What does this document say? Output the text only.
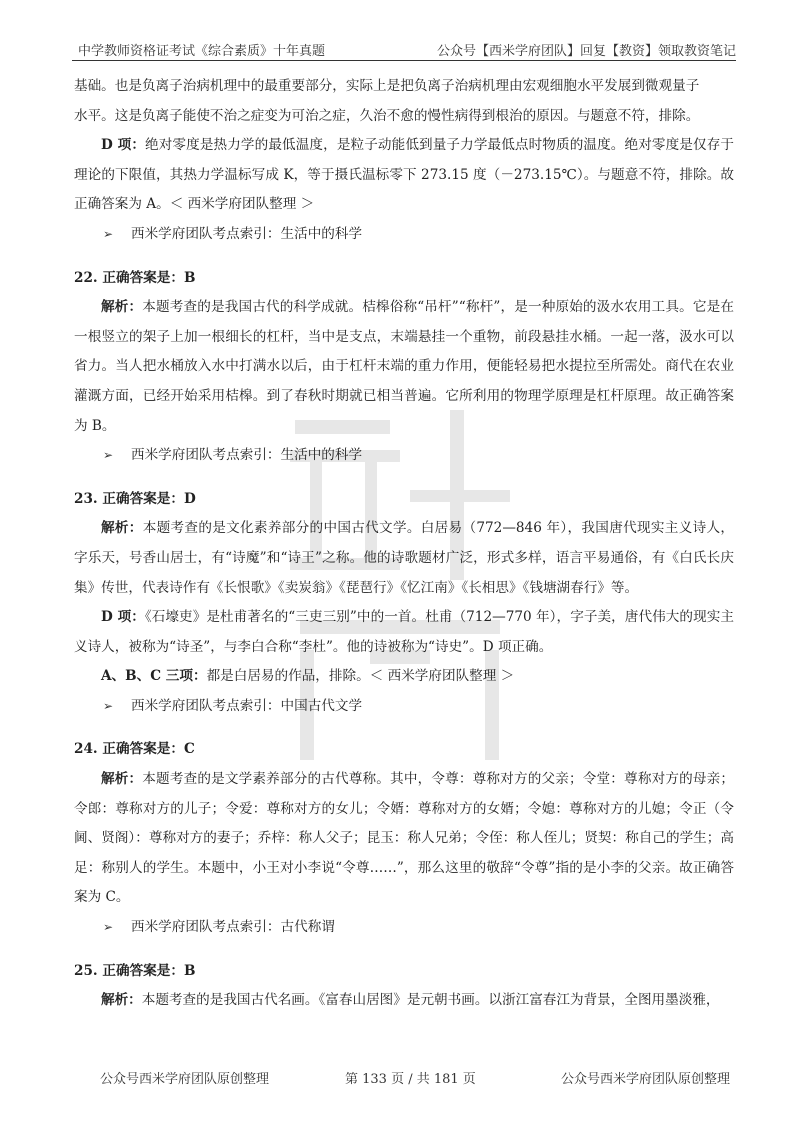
中学教师资格证考试《综合素质》十年真题	公众号【西米学府团队】回复【教资】领取教资笔记

基础。也是负离子治病机理中的最重要部分，实际上是把负离子治病机理由宏观细胞水平发展到微观量子

水平。这是负离子能使不治之症变为可治之症，久治不愈的慢性病得到根治的原因。与题意不符，排除。

D 项：绝对零度是热力学的最低温度，是粒子动能低到量子力学最低点时物质的温度。绝对零度是仅存于理论的下限值，其热力学温标写成 K，等于摄氏温标零下 273.15 度（－273.15℃）。与题意不符，排除。故正确答案为 A。＜ 西米学府团队整理 ＞

➢ 西米学府团队考点索引：生活中的科学

22. 正确答案是：B

解析：本题考查的是我国古代的科学成就。桔槔俗称“吊杆”“称杆”，是一种原始的汲水农用工具。它是在一根竖立的架子上加一根细长的杠杆，当中是支点，末端悬挂一个重物，前段悬挂水桶。一起一落，汲水可以省力。当人把水桶放入水中打满水以后，由于杠杆末端的重力作用，便能轻易把水提拉至所需处。商代在农业灌溉方面，已经开始采用桔槔。到了春秋时期就已相当普遍。它所利用的物理学原理是杠杆原理。故正确答案为 B。

➢ 西米学府团队考点索引：生活中的科学

23. 正确答案是：D

解析：本题考查的是文化素养部分的中国古代文学。白居易（772—846 年），我国唐代现实主义诗人，字乐天，号香山居士，有“诗魔”和“诗王”之称。他的诗歌题材广泛，形式多样，语言平易通俗，有《白氏长庆集》传世，代表诗作有《长恨歌》《卖炭翁》《琵琶行》《忆江南》《长相思》《钱塘湖春行》等。

D 项：《石壕吏》是杜甫著名的“三吏三别”中的一首。杜甫（712—770 年），字子美，唐代伟大的现实主义诗人，被称为“诗圣”，与李白合称“李杜”。他的诗被称为“诗史”。D 项正确。

A、B、C 三项：都是白居易的作品，排除。＜ 西米学府团队整理 ＞

➢ 西米学府团队考点索引：中国古代文学

24. 正确答案是：C

解析：本题考查的是文学素养部分的古代尊称。其中，令尊：尊称对方的父亲；令堂：尊称对方的母亲；令郎：尊称对方的儿子；令爱：尊称对方的女儿；令婿：尊称对方的女婿；令媳：尊称对方的儿媳；令正（令阃、贤阁）：尊称对方的妻子；乔梓：称人父子；昆玉：称人兄弟；令侄：称人侄儿；贤契：称自己的学生；高足：称别人的学生。本题中，小王对小李说“令尊……”，那么这里的敬辞“令尊”指的是小李的父亲。故正确答案为 C。

➢ 西米学府团队考点索引：古代称谓

25. 正确答案是：B

解析：本题考查的是我国古代名画。《富春山居图》是元朝书画。以浙江富春江为背景，全图用墨淡雅，

公众号西米学府团队原创整理	第 133 页 / 共 181 页	公众号西米学府团队原创整理
